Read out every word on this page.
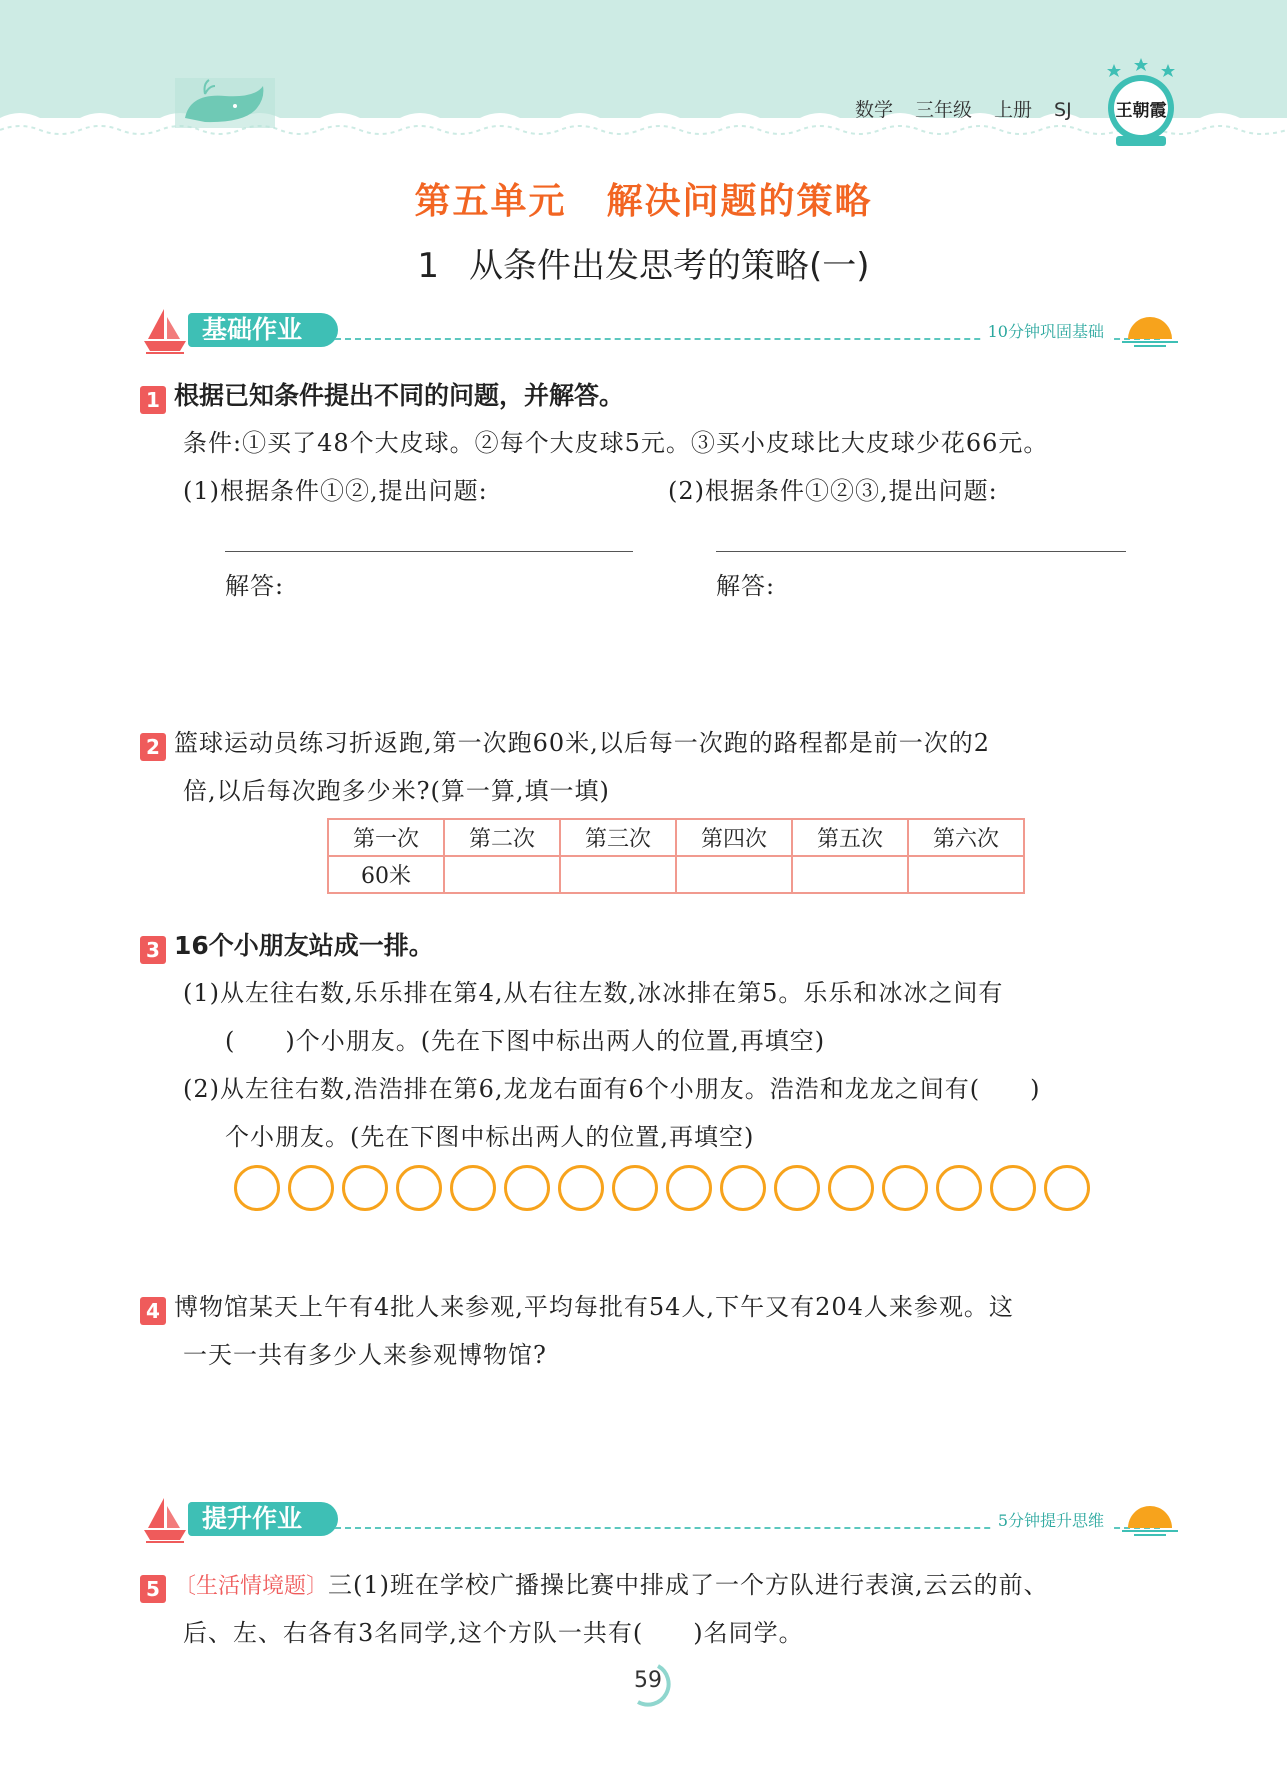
数学 三年级 上册 SJ	王朝霞
第五单元 解决问题的策略
1 从条件出发思考的策略(一)
基础作业	10分钟巩固基础
1 根据已知条件提出不同的问题，并解答。
条件:①买了48个大皮球。②每个大皮球5元。③买小皮球比大皮球少花66元。
(1)根据条件①②,提出问题:	(2)根据条件①②③,提出问题:
解答:	解答:
2 篮球运动员练习折返跑,第一次跑60米,以后每一次跑的路程都是前一次的2
倍,以后每次跑多少米?(算一算,填一填)
第一次	第二次	第三次	第四次	第五次	第六次
60米					
3 16个小朋友站成一排。
(1)从左往右数,乐乐排在第4,从右往左数,冰冰排在第5。乐乐和冰冰之间有
(　　)个小朋友。(先在下图中标出两人的位置,再填空)
(2)从左往右数,浩浩排在第6,龙龙右面有6个小朋友。浩浩和龙龙之间有(　　)
个小朋友。(先在下图中标出两人的位置,再填空)
4 博物馆某天上午有4批人来参观,平均每批有54人,下午又有204人来参观。这
一天一共有多少人来参观博物馆?
提升作业	5分钟提升思维
5 〔生活情境题〕三(1)班在学校广播操比赛中排成了一个方队进行表演,云云的前、
后、左、右各有3名同学,这个方队一共有(　　)名同学。
59
